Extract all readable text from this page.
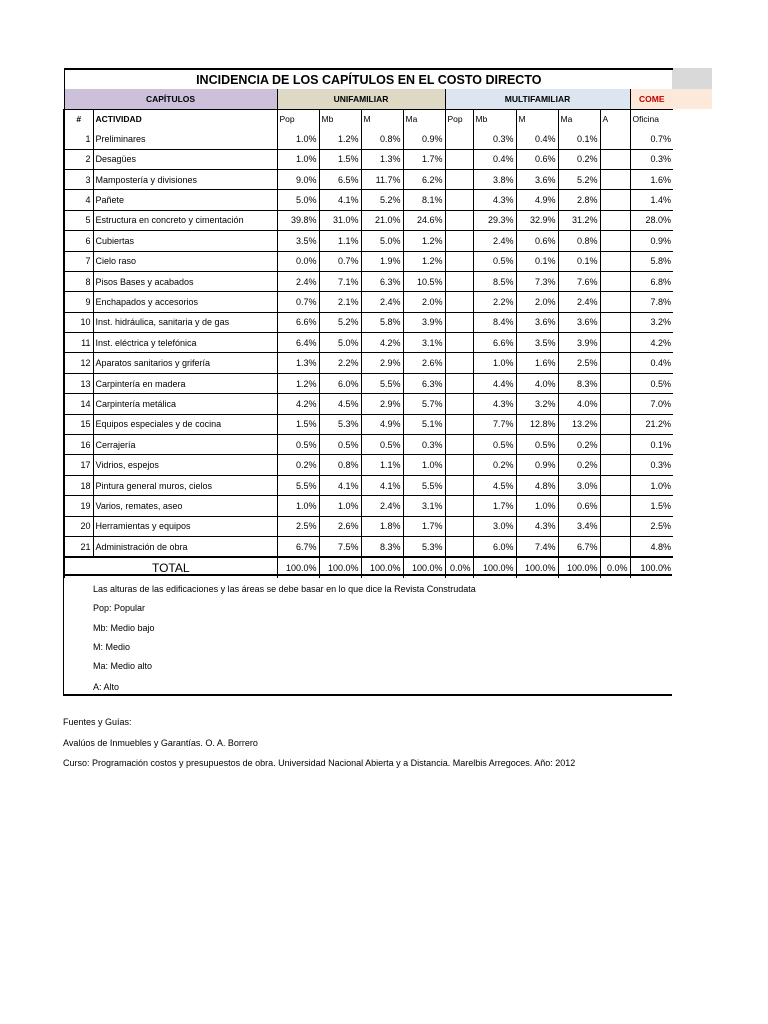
INCIDENCIA DE LOS CAPÍTULOS EN EL COSTO DIRECTO											
CAPÍTULOS		UNIFAMILIAR				MULTIFAMILIAR					COME
#	ACTIVIDAD	Pop	Mb	M	Ma	Pop	Mb	M	Ma	A	Oficina
1	Preliminares	1.0%	1.2%	0.8%	0.9%		0.3%	0.4%	0.1%		0.7%
2	Desagües	1.0%	1.5%	1.3%	1.7%		0.4%	0.6%	0.2%		0.3%
3	Mampostería y divisiones	9.0%	6.5%	11.7%	6.2%		3.8%	3.6%	5.2%		1.6%
4	Pañete	5.0%	4.1%	5.2%	8.1%		4.3%	4.9%	2.8%		1.4%
5	Estructura en concreto y cimentación	39.8%	31.0%	21.0%	24.6%		29.3%	32.9%	31.2%		28.0%
6	Cubiertas	3.5%	1.1%	5.0%	1.2%		2.4%	0.6%	0.8%		0.9%
7	Cielo raso	0.0%	0.7%	1.9%	1.2%		0.5%	0.1%	0.1%		5.8%
8	Pisos Bases y acabados	2.4%	7.1%	6.3%	10.5%		8.5%	7.3%	7.6%		6.8%
9	Enchapados y accesorios	0.7%	2.1%	2.4%	2.0%		2.2%	2.0%	2.4%		7.8%
10	Inst. hidráulica, sanitaria y de gas	6.6%	5.2%	5.8%	3.9%		8.4%	3.6%	3.6%		3.2%
11	Inst. eléctrica y telefónica	6.4%	5.0%	4.2%	3.1%		6.6%	3.5%	3.9%		4.2%
12	Aparatos sanitarios y grifería	1.3%	2.2%	2.9%	2.6%		1.0%	1.6%	2.5%		0.4%
13	Carpintería en madera	1.2%	6.0%	5.5%	6.3%		4.4%	4.0%	8.3%		0.5%
14	Carpintería metálica	4.2%	4.5%	2.9%	5.7%		4.3%	3.2%	4.0%		7.0%
15	Equipos especiales y de cocina	1.5%	5.3%	4.9%	5.1%		7.7%	12.8%	13.2%		21.2%
16	Cerrajería	0.5%	0.5%	0.5%	0.3%		0.5%	0.5%	0.2%		0.1%
17	Vidrios, espejos	0.2%	0.8%	1.1%	1.0%		0.2%	0.9%	0.2%		0.3%
18	Pintura general muros, cielos	5.5%	4.1%	4.1%	5.5%		4.5%	4.8%	3.0%		1.0%
19	Varios, remates, aseo	1.0%	1.0%	2.4%	3.1%		1.7%	1.0%	0.6%		1.5%
20	Herramientas y equipos	2.5%	2.6%	1.8%	1.7%		3.0%	4.3%	3.4%		2.5%
21	Administración de obra	6.7%	7.5%	8.3%	5.3%		6.0%	7.4%	6.7%		4.8%
TOTAL		100.0%	100.0%	100.0%	100.0%	0.0%	100.0%	100.0%	100.0%	0.0%	100.0%
Las alturas de las edificaciones y las áreas se debe basar en lo que dice la Revista Construdata
Pop: Popular
Mb: Medio bajo
M: Medio
Ma: Medio alto
A: Alto
Fuentes y Guías:
Avalúos de Inmuebles y Garantías. O. A. Borrero
Curso: Programación costos y presupuestos de obra. Universidad Nacional Abierta y a Distancia. Marelbis Arregoces. Año: 2012
